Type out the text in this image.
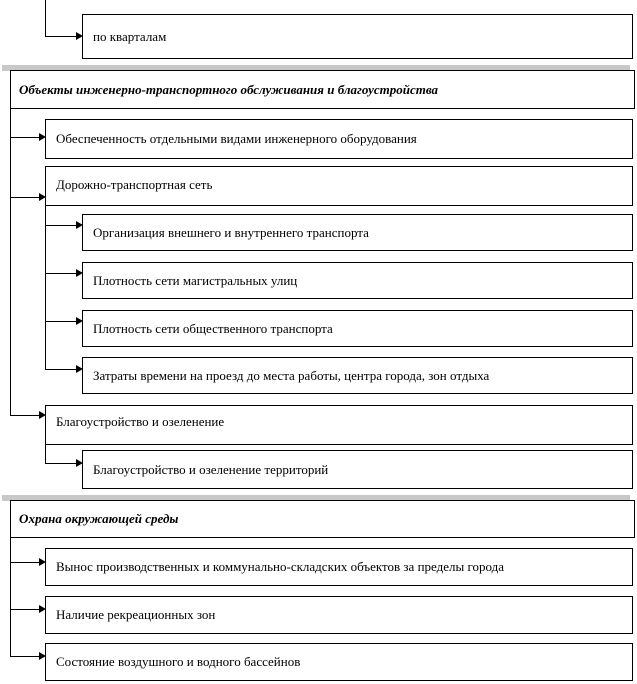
по кварталам
Объекты инженерно-транспортного обслуживания и благоустройства
Обеспеченность отдельными видами инженерного оборудования
Дорожно-транспортная сеть
Организация внешнего и внутреннего транспорта
Плотность сети магистральных улиц
Плотность сети общественного транспорта
Затраты времени на проезд до места работы, центра города, зон отдыха
Благоустройство и озеленение
Благоустройство и озеленение территорий
Охрана окружающей среды
Вынос производственных и коммунально-складских объектов за пределы города
Наличие рекреационных зон
Состояние воздушного и водного бассейнов
